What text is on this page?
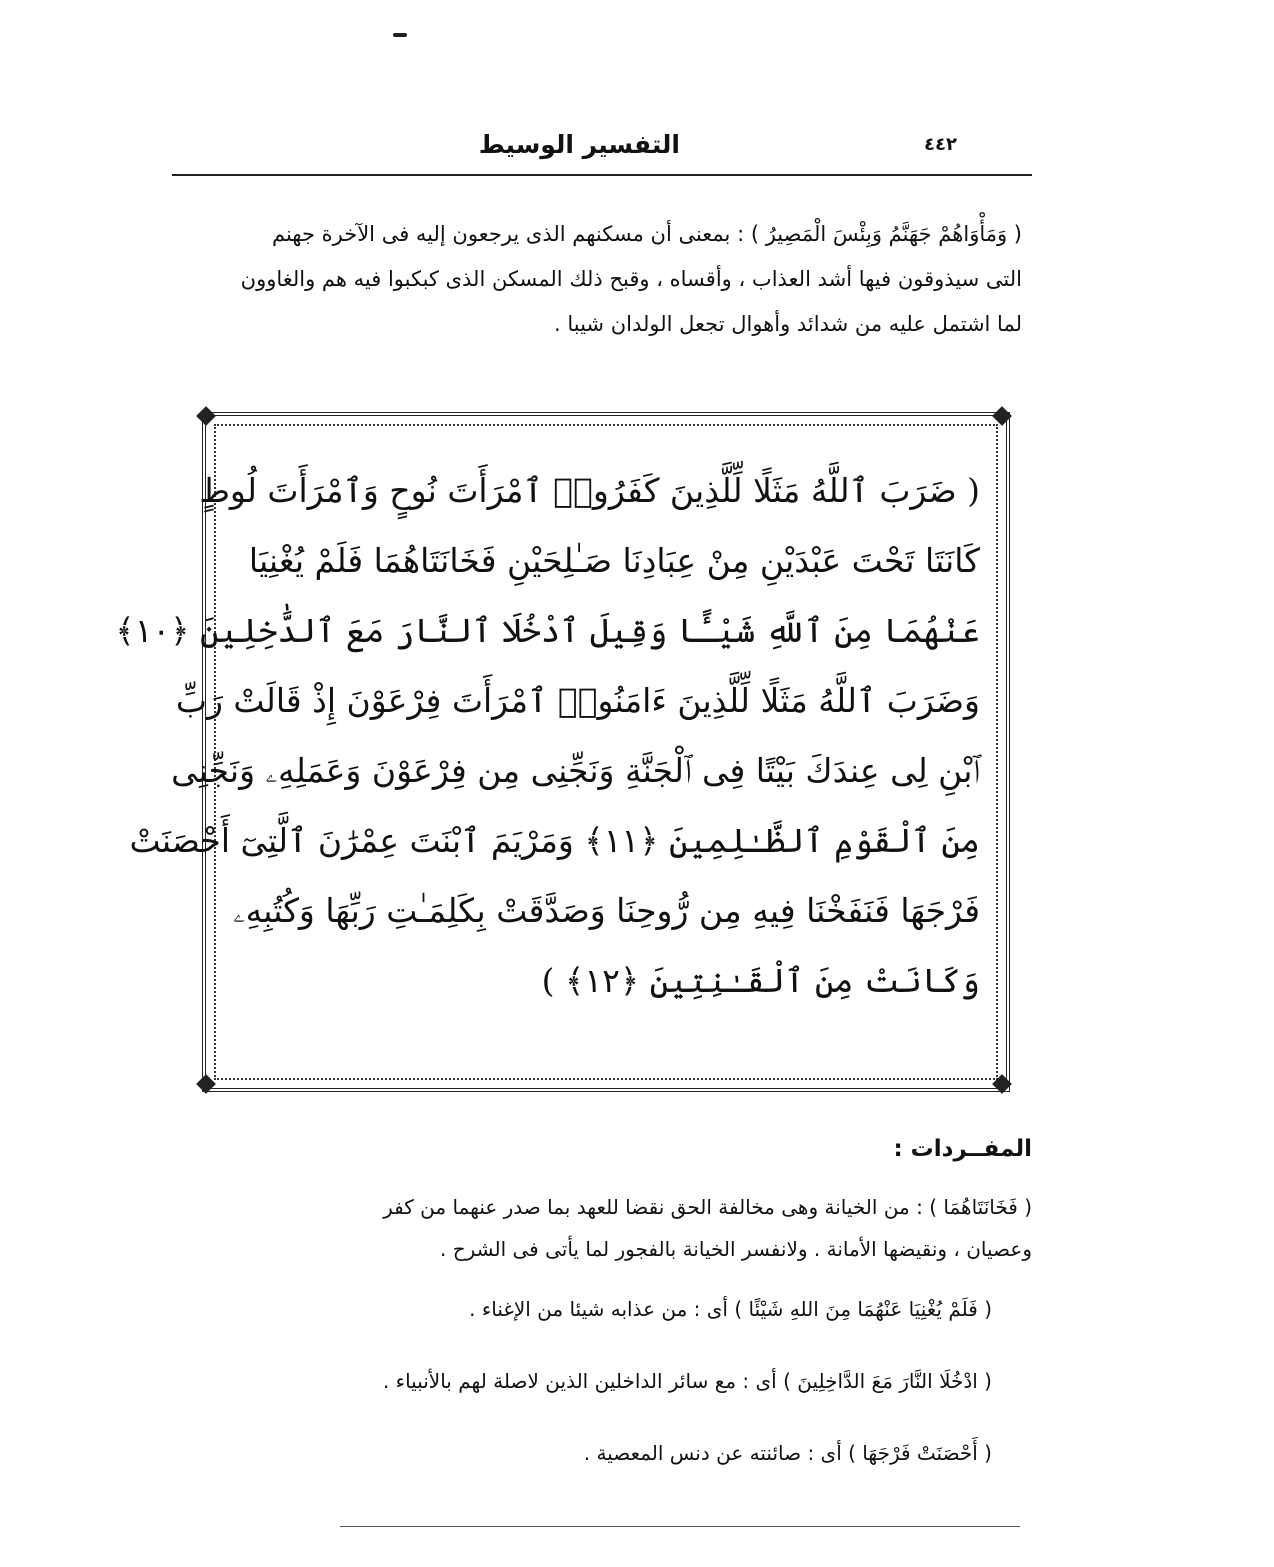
٤٤٢
التفسير الوسيط
( وَمَأْوَاهُمْ جَهَنَّمُ وَبِئْسَ الْمَصِيرُ ) : بمعنى أن مسكنهم الذى يرجعون إليه فى الآخرة جهنم
التى سيذوقون فيها أشد العذاب ، وأقساه ، وقبح ذلك المسكن الذى كبكبوا فيه هم والغاوون
لما اشتمل عليه من شدائد وأهوال تجعل الولدان شيبا .
( ضَرَبَ ٱللَّهُ مَثَلًا لِّلَّذِينَ كَفَرُوا۟ ٱمْرَأَتَ نُوحٍ وَٱمْرَأَتَ لُوطٍ
كَانَتَا تَحْتَ عَبْدَيْنِ مِنْ عِبَادِنَا صَـٰلِحَيْنِ فَخَانَتَاهُمَا فَلَمْ يُغْنِيَا
عَنْهُمَا مِنَ ٱللَّهِ شَيْـًٔا وَقِيلَ ٱدْخُلَا ٱلنَّارَ مَعَ ٱلدَّٰخِلِينَ ﴿١٠﴾
وَضَرَبَ ٱللَّهُ مَثَلًا لِّلَّذِينَ ءَامَنُوا۟ ٱمْرَأَتَ فِرْعَوْنَ إِذْ قَالَتْ رَبِّ
ٱبْنِ لِى عِندَكَ بَيْتًا فِى ٱلْجَنَّةِ وَنَجِّنِى مِن فِرْعَوْنَ وَعَمَلِهِۦ وَنَجِّنِى
مِنَ ٱلْقَوْمِ ٱلظَّـٰلِمِينَ ﴿١١﴾ وَمَرْيَمَ ٱبْنَتَ عِمْرَٰنَ ٱلَّتِىٓ أَحْصَنَتْ
فَرْجَهَا فَنَفَخْنَا فِيهِ مِن رُّوحِنَا وَصَدَّقَتْ بِكَلِمَـٰتِ رَبِّهَا وَكُتُبِهِۦ
وَكَانَتْ مِنَ ٱلْقَـٰنِتِينَ ﴿١٢﴾ )
المفــردات :
( فَخَانَتَاهُمَا ) : من الخيانة وهى مخالفة الحق نقضا للعهد بما صدر عنهما من كفر
وعصيان ، ونقيضها الأمانة . ولانفسر الخيانة بالفجور لما يأتى فى الشرح .
( فَلَمْ يُغْنِيَا عَنْهُمَا مِنَ اللهِ شَيْئًا ) أى : من عذابه شيئا من الإغناء .
( ادْخُلَا النَّارَ مَعَ الدَّاخِلِينَ ) أى : مع سائر الداخلين الذين لاصلة لهم بالأنبياء .
( أَحْصَنَتْ فَرْجَهَا ) أى : صائنته عن دنس المعصية .
